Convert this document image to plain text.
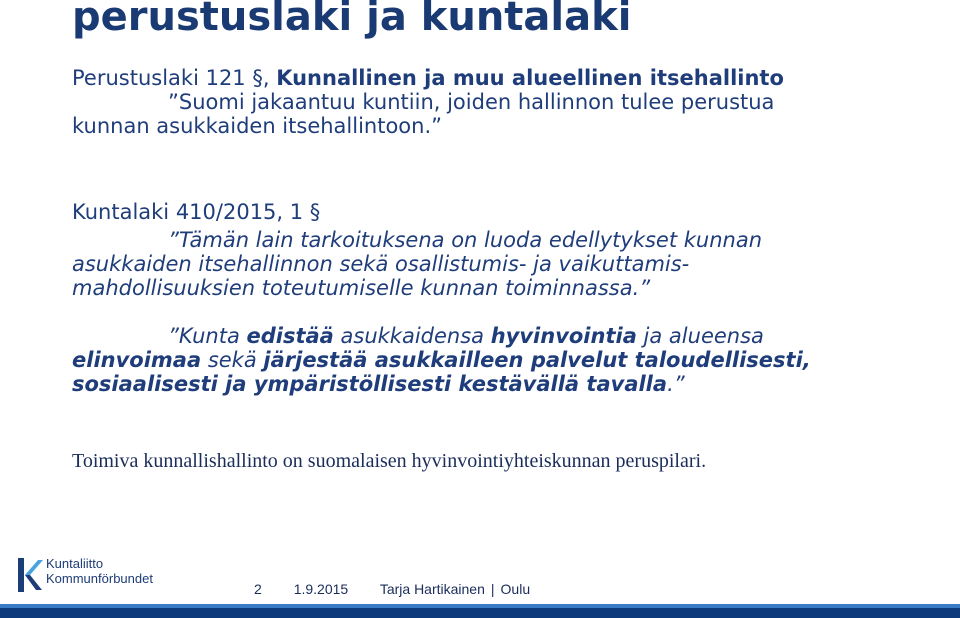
perustuslaki ja kuntalaki
Perustuslaki 121 §, Kunnallinen ja muu alueellinen itsehallinto
”Suomi jakaantuu kuntiin, joiden hallinnon tulee perustua
kunnan asukkaiden itsehallintoon.”
Kuntalaki 410/2015, 1 §
”Tämän lain tarkoituksena on luoda edellytykset kunnan
asukkaiden itsehallinnon sekä osallistumis- ja vaikuttamis-
mahdollisuuksien toteutumiselle kunnan toiminnassa.”
”Kunta edistää asukkaidensa hyvinvointia ja alueensa
elinvoimaa sekä järjestää asukkailleen palvelut taloudellisesti,
sosiaalisesti ja ympäristöllisesti kestävällä tavalla.”
Toimiva kunnallishallinto on suomalaisen hyvinvointiyhteiskunnan peruspilari.
Kuntaliitto
Kommunförbundet
2 1.9.2015 Tarja Hartikainen | Oulu
